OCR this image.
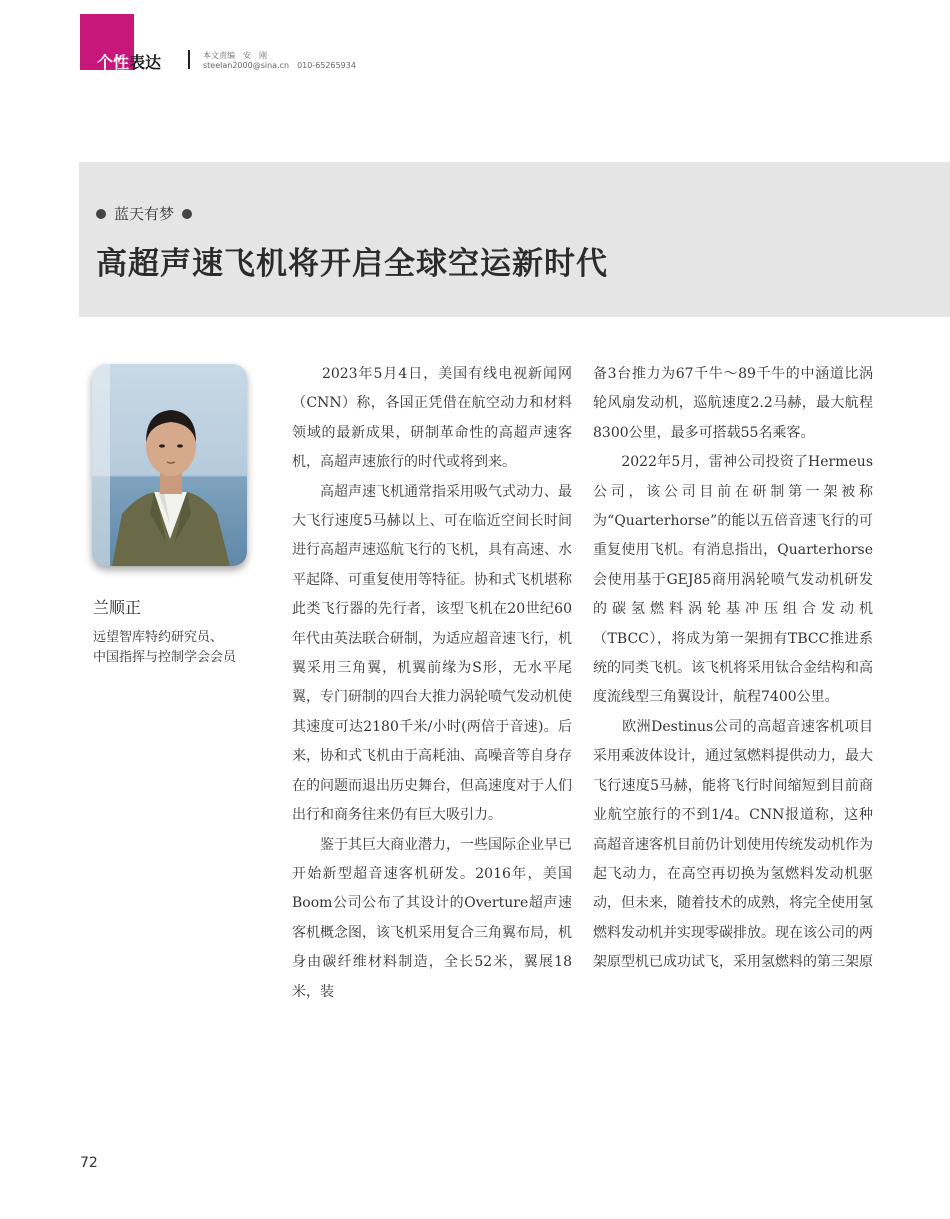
个性表达	本文责编　安　刚
steelan2000@sina.cn　010-65265934
蓝天有梦
高超声速飞机将开启全球空运新时代
兰顺正
远望智库特约研究员、
中国指挥与控制学会会员

　　2023年5月4日，美国有线电视新闻网（CNN）称，各国正凭借在航空动力和材料领域的最新成果，研制革命性的高超声速客机，高超声速旅行的时代或将到来。

　　高超声速飞机通常指采用吸气式动力、最大飞行速度5马赫以上、可在临近空间长时间进行高超声速巡航飞行的飞机，具有高速、水平起降、可重复使用等特征。协和式飞机堪称此类飞行器的先行者，该型飞机在20世纪60年代由英法联合研制，为适应超音速飞行，机翼采用三角翼，机翼前缘为S形，无水平尾翼，专门研制的四台大推力涡轮喷气发动机使其速度可达2180千米/小时(两倍于音速)。后来，协和式飞机由于高耗油、高噪音等自身存在的问题而退出历史舞台，但高速度对于人们出行和商务往来仍有巨大吸引力。

　　鉴于其巨大商业潜力，一些国际企业早已开始新型超音速客机研发。2016年，美国Boom公司公布了其设计的Overture超声速客机概念图，该飞机采用复合三角翼布局，机身由碳纤维材料制造，全长52米，翼展18米，装

备3台推力为67千牛～89千牛的中涵道比涡轮风扇发动机，巡航速度2.2马赫，最大航程8300公里，最多可搭载55名乘客。

　　2022年5月，雷神公司投资了Hermeus公司，该公司目前在研制第一架被称为“Quarterhorse”的能以五倍音速飞行的可重复使用飞机。有消息指出，Quarterhorse会使用基于GEJ85商用涡轮喷气发动机研发的碳氢燃料涡轮基冲压组合发动机（TBCC），将成为第一架拥有TBCC推进系统的同类飞机。该飞机将采用钛合金结构和高度流线型三角翼设计，航程7400公里。

　　欧洲Destinus公司的高超音速客机项目采用乘波体设计，通过氢燃料提供动力，最大飞行速度5马赫，能将飞行时间缩短到目前商业航空旅行的不到1/4。CNN报道称，这种高超音速客机目前仍计划使用传统发动机作为起飞动力，在高空再切换为氢燃料发动机驱动，但未来，随着技术的成熟，将完全使用氢燃料发动机并实现零碳排放。现在该公司的两架原型机已成功试飞，采用氢燃料的第三架原

72
